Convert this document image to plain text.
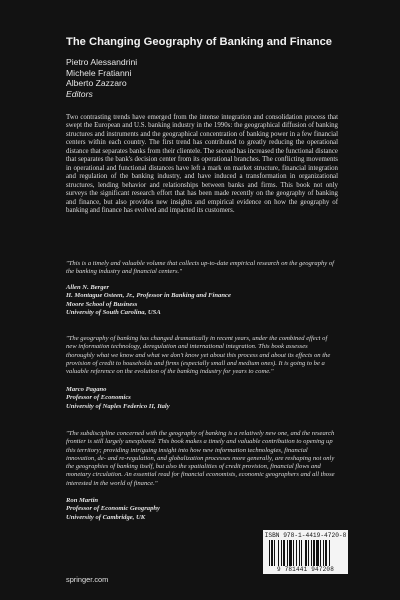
The Changing Geography of Banking and Finance
Pietro Alessandrini
Michele Fratianni
Alberto Zazzaro
Editors
Two contrasting trends have emerged from the intense integration and consolidation process that swept the European and U.S. banking industry in the 1990s: the geographical diffusion of banking structures and instruments and the geographical concentration of banking power in a few financial centers within each country. The first trend has contributed to greatly reducing the operational distance that separates banks from their clientele. The second has increased the functional distance that separates the bank's decision center from its operational branches. The conflicting movements in operational and functional distances have left a mark on market structure, financial integration and regulation of the banking industry, and have induced a transformation in organizational structures, lending behavior and relationships between banks and firms. This book not only surveys the significant research effort that has been made recently on the geography of banking and finance, but also provides new insights and empirical evidence on how the geography of banking and finance has evolved and impacted its customers.
"This is a timely and valuable volume that collects up-to-date empirical research on the geography of the banking industry and financial centers."
Allen N. Berger
H. Montague Osteen, Jr., Professor in Banking and Finance
Moore School of Business
University of South Carolina, USA
"The geography of banking has changed dramatically in recent years, under the combined effect of new information technology, deregulation and international integration. This book assesses thoroughly what we know and what we don't know yet about this process and about its effects on the provision of credit to households and firms (especially small and medium ones). It is going to be a valuable reference on the evolution of the banking industry for years to come."
Marco Pagano
Professor of Economics
University of Naples Federico II, Italy
"The subdiscipline concerned with the geography of banking is a relatively new one, and the research frontier is still largely unexplored. This book makes a timely and valuable contribution to opening up this territory; providing intriguing insight into how new information technologies, financial innovation, de- and re-regulation, and globalization processes more generally, are reshaping not only the geographies of banking itself, but also the spatialities of credit provision, financial flows and monetary circulation. An essential read for financial economists, economic geographers and all those interested in the world of finance."
Ron Martin
Professor of Economic Geography
University of Cambridge, UK
ISBN 978-1-4419-4720-8
9 781441 947208
springer.com
